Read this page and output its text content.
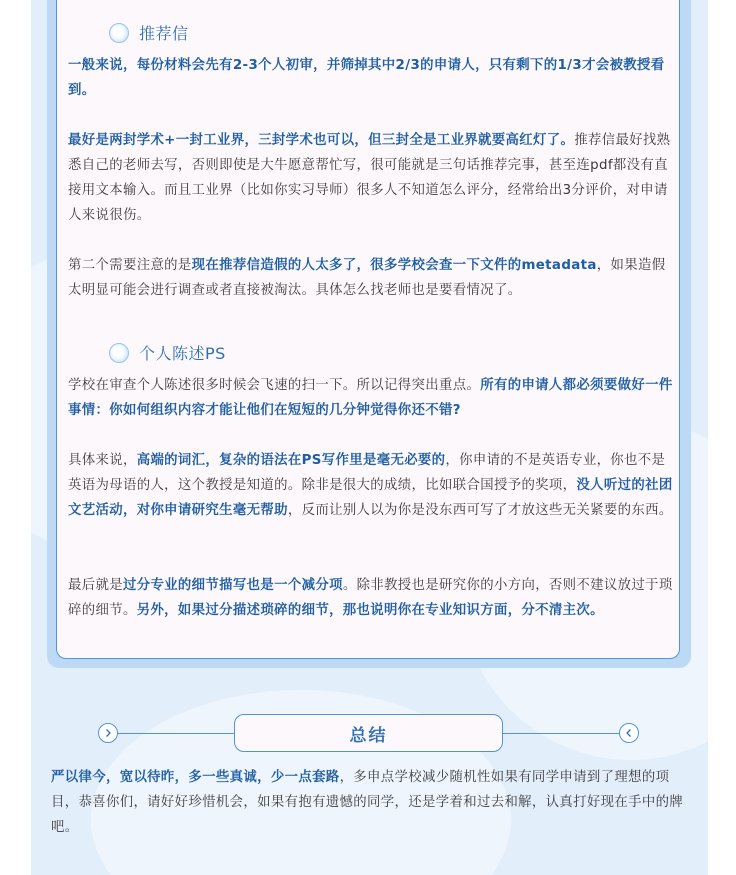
推荐信
一般来说，每份材料会先有2-3个人初审，并筛掉其中2/3的申请人，只有剩下的1/3才会被教授看到。
最好是两封学术+一封工业界，三封学术也可以，但三封全是工业界就要高红灯了。推荐信最好找熟悉自己的老师去写，否则即使是大牛愿意帮忙写，很可能就是三句话推荐完事，甚至连pdf都没有直接用文本输入。而且工业界（比如你实习导师）很多人不知道怎么评分，经常给出3分评价，对申请人来说很伤。
第二个需要注意的是现在推荐信造假的人太多了，很多学校会查一下文件的metadata，如果造假太明显可能会进行调查或者直接被淘汰。具体怎么找老师也是要看情况了。
个人陈述PS
学校在审查个人陈述很多时候会飞速的扫一下。所以记得突出重点。所有的申请人都必须要做好一件事情：你如何组织内容才能让他们在短短的几分钟觉得你还不错?
具体来说，高端的词汇，复杂的语法在PS写作里是毫无必要的，你申请的不是英语专业，你也不是英语为母语的人，这个教授是知道的。除非是很大的成绩，比如联合国授予的奖项，没人听过的社团文艺活动，对你申请研究生毫无帮助，反而让别人以为你是没东西可写了才放这些无关紧要的东西。
最后就是过分专业的细节描写也是一个减分项。除非教授也是研究你的小方向，否则不建议放过于琐碎的细节。另外，如果过分描述琐碎的细节，那也说明你在专业知识方面，分不清主次。
总结
严以律今，宽以待昨，多一些真诚，少一点套路，多申点学校减少随机性如果有同学申请到了理想的项目，恭喜你们，请好好珍惜机会，如果有抱有遗憾的同学，还是学着和过去和解，认真打好现在手中的牌吧。
